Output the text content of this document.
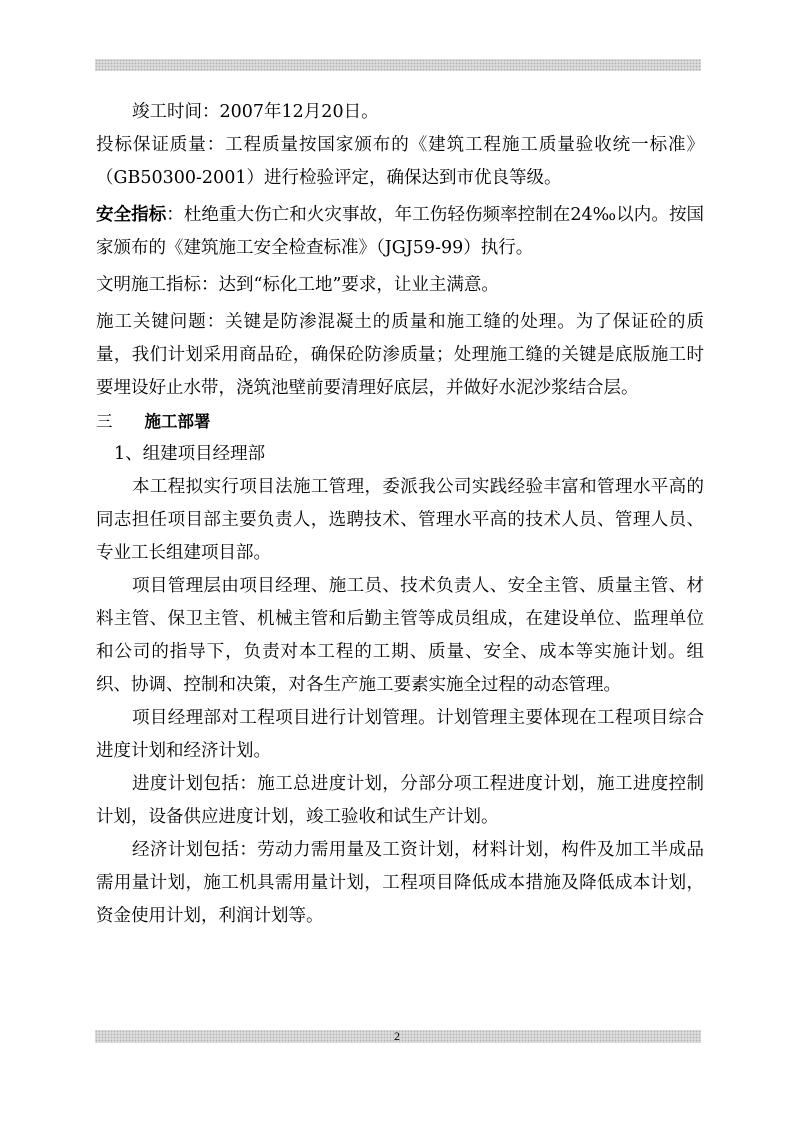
竣工时间：2007年12月20日。

投标保证质量：工程质量按国家颁布的《建筑工程施工质量验收统一标准》（GB50300-2001）进行检验评定，确保达到市优良等级。

安全指标：杜绝重大伤亡和火灾事故，年工伤轻伤频率控制在24‰以内。按国家颁布的《建筑施工安全检查标准》（JGJ59-99）执行。

文明施工指标：达到“标化工地”要求，让业主满意。

施工关键问题：关键是防渗混凝土的质量和施工缝的处理。为了保证砼的质量，我们计划采用商品砼，确保砼防渗质量；处理施工缝的关键是底版施工时要埋设好止水带，浇筑池壁前要清理好底层，并做好水泥沙浆结合层。

三 施工部署

1、组建项目经理部

本工程拟实行项目法施工管理，委派我公司实践经验丰富和管理水平高的同志担任项目部主要负责人，选聘技术、管理水平高的技术人员、管理人员、专业工长组建项目部。

项目管理层由项目经理、施工员、技术负责人、安全主管、质量主管、材料主管、保卫主管、机械主管和后勤主管等成员组成，在建设单位、监理单位和公司的指导下，负责对本工程的工期、质量、安全、成本等实施计划。组织、协调、控制和决策，对各生产施工要素实施全过程的动态管理。

项目经理部对工程项目进行计划管理。计划管理主要体现在工程项目综合进度计划和经济计划。

进度计划包括：施工总进度计划，分部分项工程进度计划，施工进度控制计划，设备供应进度计划，竣工验收和试生产计划。

经济计划包括：劳动力需用量及工资计划，材料计划，构件及加工半成品需用量计划，施工机具需用量计划，工程项目降低成本措施及降低成本计划，资金使用计划，利润计划等。

2
